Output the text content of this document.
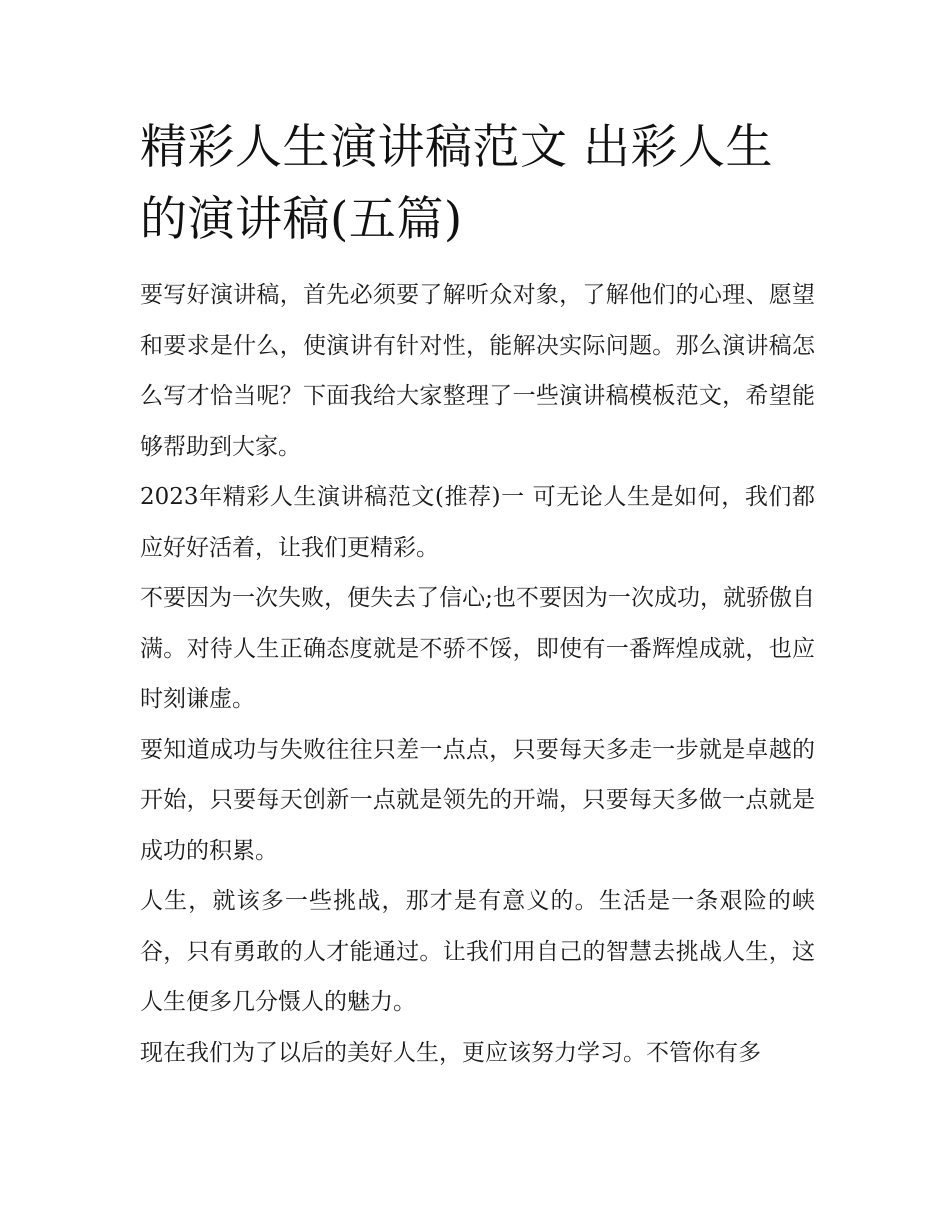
精彩人生演讲稿范文 出彩人生的演讲稿(五篇)

要写好演讲稿，首先必须要了解听众对象，了解他们的心理、愿望和要求是什么，使演讲有针对性，能解决实际问题。那么演讲稿怎么写才恰当呢？下面我给大家整理了一些演讲稿模板范文，希望能够帮助到大家。

2023年精彩人生演讲稿范文(推荐)一 可无论人生是如何，我们都应好好活着，让我们更精彩。

不要因为一次失败，便失去了信心;也不要因为一次成功，就骄傲自满。对待人生正确态度就是不骄不馁，即使有一番辉煌成就，也应时刻谦虚。

要知道成功与失败往往只差一点点，只要每天多走一步就是卓越的开始，只要每天创新一点就是领先的开端，只要每天多做一点就是成功的积累。

人生，就该多一些挑战，那才是有意义的。生活是一条艰险的峡谷，只有勇敢的人才能通过。让我们用自己的智慧去挑战人生，这人生便多几分慑人的魅力。

现在我们为了以后的美好人生，更应该努力学习。不管你有多
